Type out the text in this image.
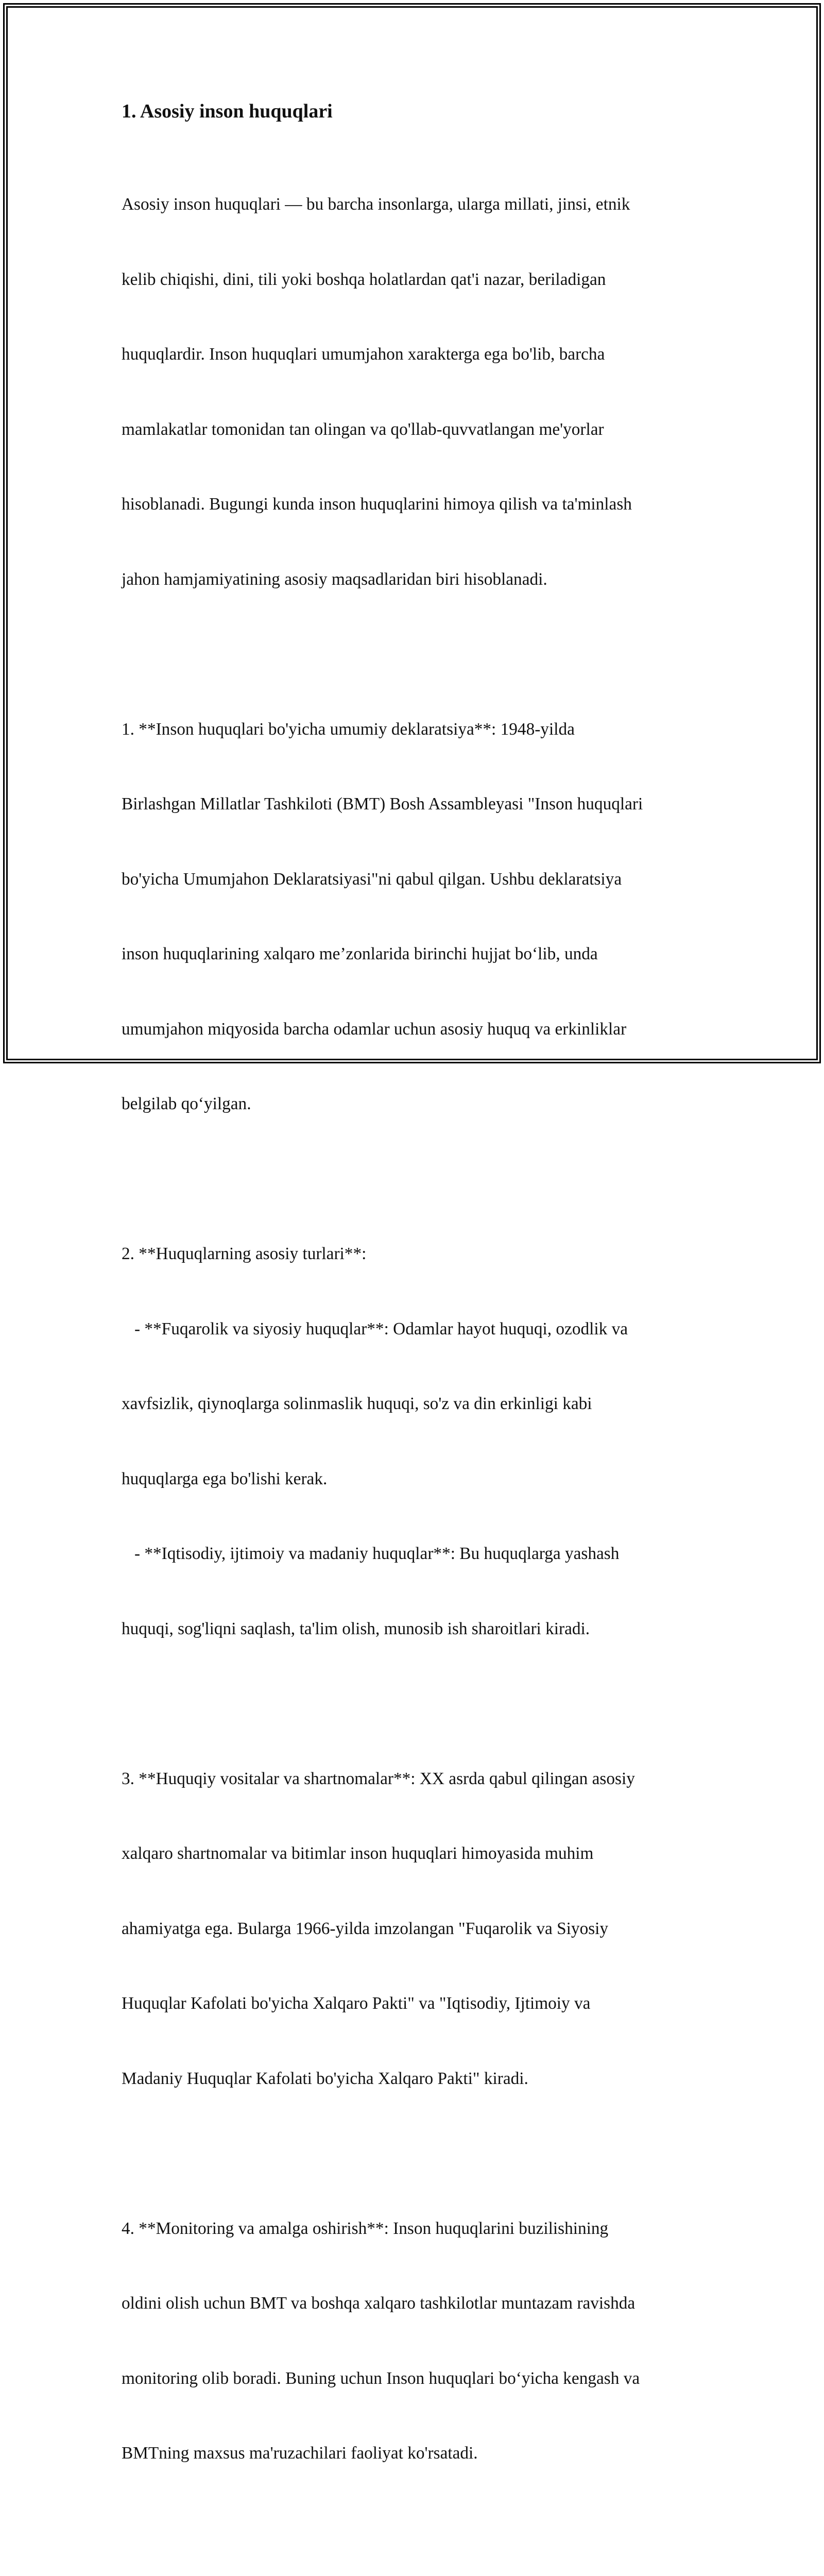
1. Asosiy inson huquqlari

Asosiy inson huquqlari — bu barcha insonlarga, ularga millati, jinsi, etnik

kelib chiqishi, dini, tili yoki boshqa holatlardan qat'i nazar, beriladigan

huquqlardir. Inson huquqlari umumjahon xarakterga ega bo'lib, barcha

mamlakatlar tomonidan tan olingan va qo'llab-quvvatlangan me'yorlar

hisoblanadi. Bugungi kunda inson huquqlarini himoya qilish va ta'minlash

jahon hamjamiyatining asosiy maqsadlaridan biri hisoblanadi.

1. **Inson huquqlari bo'yicha umumiy deklaratsiya**: 1948-yilda

Birlashgan Millatlar Tashkiloti (BMT) Bosh Assambleyasi "Inson huquqlari

bo'yicha Umumjahon Deklaratsiyasi"ni qabul qilgan. Ushbu deklaratsiya

inson huquqlarining xalqaro me’zonlarida birinchi hujjat bo‘lib, unda

umumjahon miqyosida barcha odamlar uchun asosiy huquq va erkinliklar

belgilab qo‘yilgan.

2. **Huquqlarning asosiy turlari**:

- **Fuqarolik va siyosiy huquqlar**: Odamlar hayot huquqi, ozodlik va

xavfsizlik, qiynoqlarga solinmaslik huquqi, so'z va din erkinligi kabi

huquqlarga ega bo'lishi kerak.

- **Iqtisodiy, ijtimoiy va madaniy huquqlar**: Bu huquqlarga yashash

huquqi, sog'liqni saqlash, ta'lim olish, munosib ish sharoitlari kiradi.

3. **Huquqiy vositalar va shartnomalar**: XX asrda qabul qilingan asosiy

xalqaro shartnomalar va bitimlar inson huquqlari himoyasida muhim

ahamiyatga ega. Bularga 1966-yilda imzolangan "Fuqarolik va Siyosiy

Huquqlar Kafolati bo'yicha Xalqaro Pakti" va "Iqtisodiy, Ijtimoiy va

Madaniy Huquqlar Kafolati bo'yicha Xalqaro Pakti" kiradi.

4. **Monitoring va amalga oshirish**: Inson huquqlarini buzilishining

oldini olish uchun BMT va boshqa xalqaro tashkilotlar muntazam ravishda

monitoring olib boradi. Buning uchun Inson huquqlari bo‘yicha kengash va

BMTning maxsus ma'ruzachilari faoliyat ko'rsatadi.
